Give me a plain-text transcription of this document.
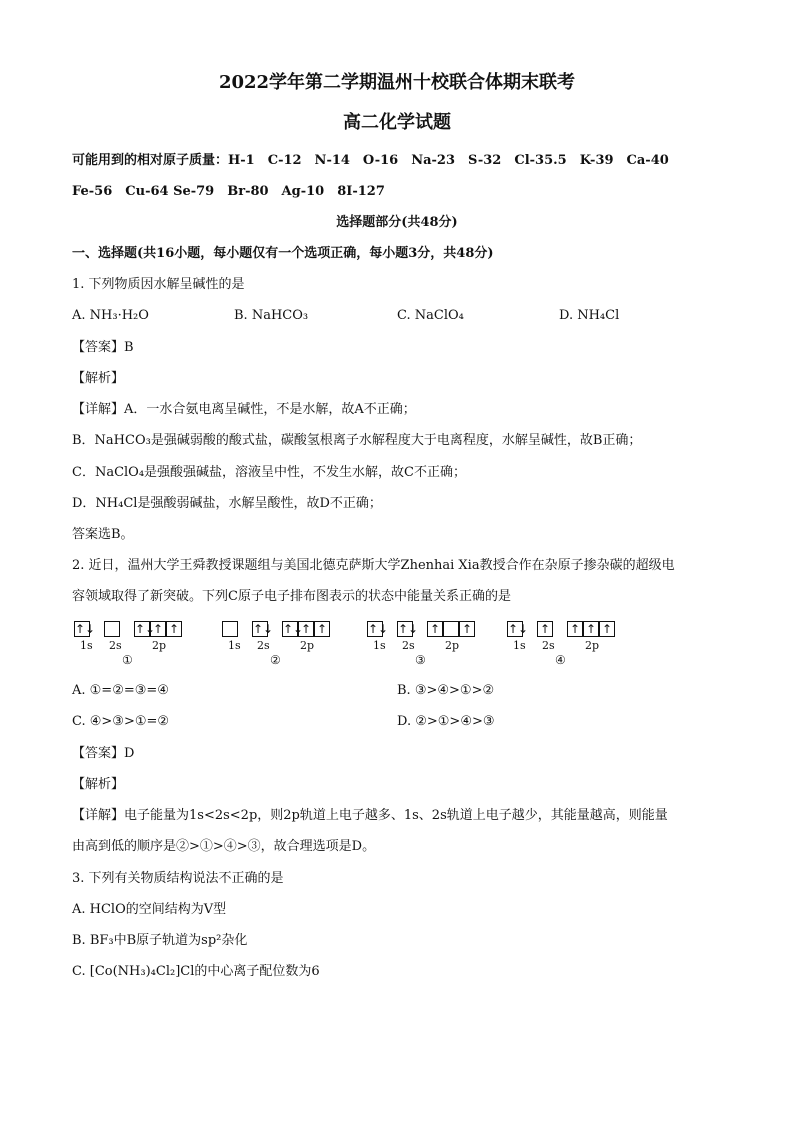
2022学年第二学期温州十校联合体期末联考
高二化学试题
可能用到的相对原子质量：H-1　C-12　N-14　O-16　Na-23　S-32　Cl-35.5　K-39　Ca-40
Fe-56　Cu-64 Se-79　Br-80　Ag-10　8I-127
选择题部分(共48分)
一、选择题(共16小题，每小题仅有一个选项正确，每小题3分，共48分)
1. 下列物质因水解呈碱性的是
A. NH₃·H₂O	B. NaHCO₃	C. NaClO₄	D. NH₄Cl
【答案】B
【解析】
【详解】A．一水合氨电离呈碱性，不是水解，故A不正确；
B．NaHCO₃是强碱弱酸的酸式盐，碳酸氢根离子水解程度大于电离程度，水解呈碱性，故B正确；
C．NaClO₄是强酸强碱盐，溶液呈中性，不发生水解，故C不正确；
D．NH₄Cl是强酸弱碱盐，水解呈酸性，故D不正确；
答案选B。
2. 近日，温州大学王舜教授课题组与美国北德克萨斯大学Zhenhai Xia教授合作在杂原子掺杂碳的超级电
容领域取得了新突破。下列C原子电子排布图表示的状态中能量关系正确的是
↑↓	↑↓
↑ ↑
1s 2s	2p
①
↑↓ ↑↓
↑ ↑
1s 2s	2p
②
↑↓ ↑↓ ↑ ↑
1s 2s	2p
③
↑↓ ↑ ↑ ↑ ↑
1s 2s	2p
④
A. ①=②=③=④	B. ③>④>①>②
C. ④>③>①=②	D. ②>①>④>③
【答案】D
【解析】
【详解】电子能量为1s<2s<2p，则2p轨道上电子越多、1s、2s轨道上电子越少，其能量越高，则能量
由高到低的顺序是②>①>④>③，故合理选项是D。
3. 下列有关物质结构说法不正确的是
A. HClO的空间结构为V型
B. BF₃中B原子轨道为sp²杂化
C. [Co(NH₃)₄Cl₂]Cl的中心离子配位数为6
